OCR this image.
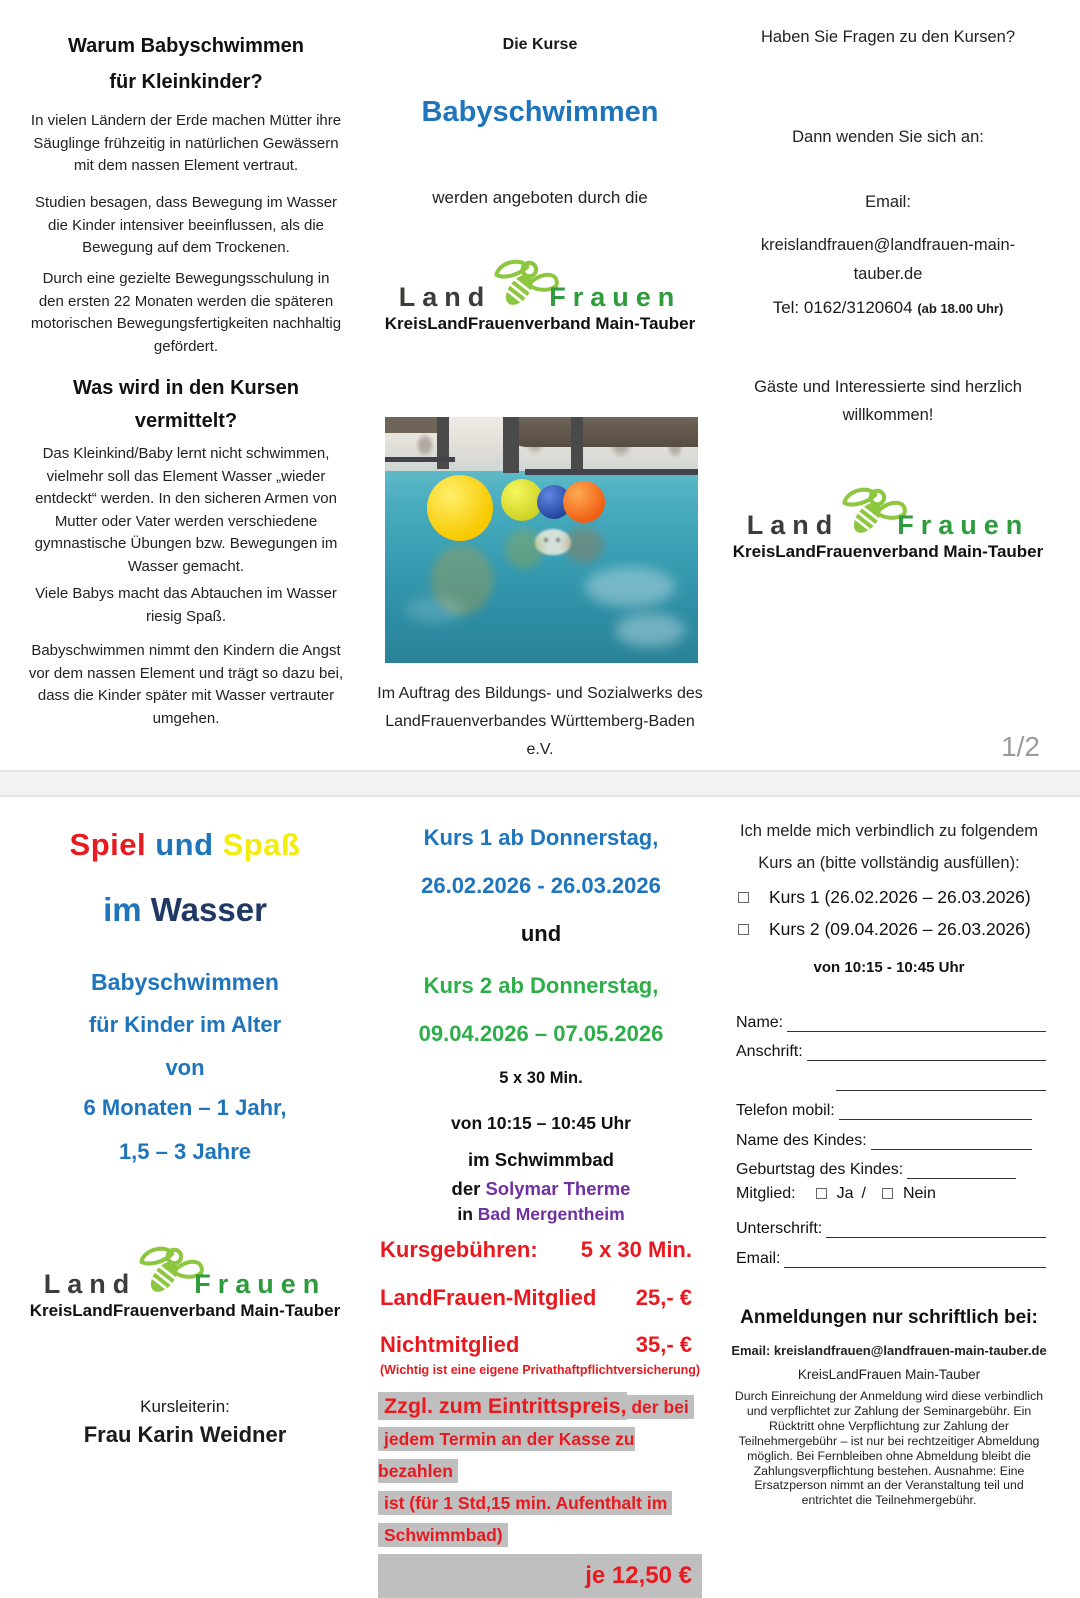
Warum Babyschwimmen
für Kleinkinder?
In vielen Ländern der Erde machen Mütter ihre Säuglinge frühzeitig in natürlichen Gewässern mit dem nassen Element vertraut.
Studien besagen, dass Bewegung im Wasser die Kinder intensiver beeinflussen, als die Bewegung auf dem Trockenen.
Durch eine gezielte Bewegungsschulung in den ersten 22 Monaten werden die späteren motorischen Bewegungsfertigkeiten nachhaltig gefördert.
Was wird in den Kursen
vermittelt?
Das Kleinkind/Baby lernt nicht schwimmen, vielmehr soll das Element Wasser „wieder entdeckt“ werden. In den sicheren Armen von Mutter oder Vater werden verschiedene gymnastische Übungen bzw. Bewegungen im Wasser gemacht.
Viele Babys macht das Abtauchen im Wasser riesig Spaß.
Babyschwimmen nimmt den Kindern die Angst vor dem nassen Element und trägt so dazu bei, dass die Kinder später mit Wasser vertrauter umgehen.
Die Kurse
Babyschwimmen
werden angeboten durch die
Land Frauen
KreisLandFrauenverband Main-Tauber
Im Auftrag des Bildungs- und Sozialwerks des
LandFrauenverbandes Württemberg-Baden e.V.
Haben Sie Fragen zu den Kursen?
Dann wenden Sie sich an:
Email:
kreislandfrauen@landfrauen-main-
tauber.de
Tel: 0162/3120604 (ab 18.00 Uhr)
Gäste und Interessierte sind herzlich
willkommen!
Land Frauen
KreisLandFrauenverband Main-Tauber
1/2
Spiel und Spaß
im Wasser
Babyschwimmen
für Kinder im Alter
von
6 Monaten – 1 Jahr,
1,5 – 3 Jahre
Land Frauen
KreisLandFrauenverband Main-Tauber
Kursleiterin:
Frau Karin Weidner
Kurs 1 ab Donnerstag,
26.02.2026 - 26.03.2026
und
Kurs 2 ab Donnerstag,
09.04.2026 – 07.05.2026
5 x 30 Min.
von 10:15 – 10:45 Uhr
im Schwimmbad
der Solymar Therme
in Bad Mergentheim
Kursgebühren: 5 x 30 Min.
LandFrauen-Mitglied 25,- €
Nichtmitglied	35,- €
(Wichtig ist eine eigene Privathaftpflichtversicherung)
Zzgl. zum Eintrittspreis, der bei
jedem Termin an der Kasse zu bezahlen
ist (für 1 Std,15 min. Aufenthalt im
Schwimmbad)
je 12,50 €
Ich melde mich verbindlich zu folgendem
Kurs an (bitte vollständig ausfüllen):
Kurs 1 (26.02.2026 – 26.03.2026)
Kurs 2 (09.04.2026 – 26.03.2026)
von 10:15 - 10:45 Uhr
Name:
Anschrift:
Telefon mobil:
Name des Kindes:
Geburtstag des Kindes:
Mitglied:	Ja / Nein
Unterschrift:
Email:
Anmeldungen nur schriftlich bei:
Email: kreislandfrauen@landfrauen-main-tauber.de
KreisLandFrauen Main-Tauber
Durch Einreichung der Anmeldung wird diese verbindlich
und verpflichtet zur Zahlung der Seminargebühr. Ein
Rücktritt ohne Verpflichtung zur Zahlung der
Teilnehmergebühr – ist nur bei rechtzeitiger Abmeldung
möglich. Bei Fernbleiben ohne Abmeldung bleibt die
Zahlungsverpflichtung bestehen. Ausnahme: Eine
Ersatzperson nimmt an der Veranstaltung teil und
entrichtet die Teilnehmergebühr.
